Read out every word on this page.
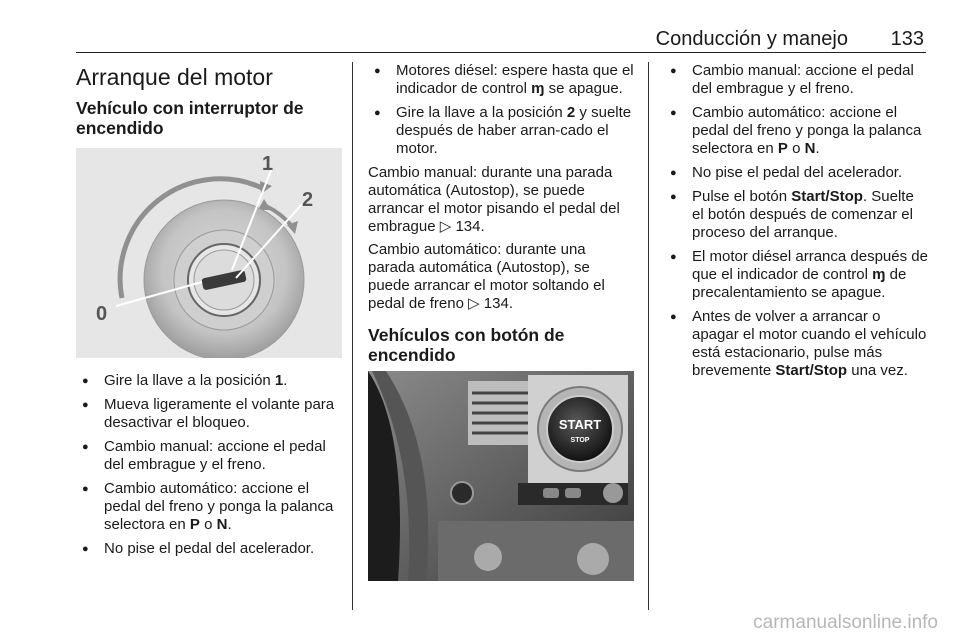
Conducción y manejo 133
Arranque del motor
Vehículo con interruptor de encendido
1
2
0
● Gire la llave a la posición 1.
● Mueva ligeramente el volante para desactivar el bloqueo.
● Cambio manual: accione el pedal del embrague y el freno.
● Cambio automático: accione el pedal del freno y ponga la palanca selectora en P o N.
● No pise el pedal del acelerador.
● Motores diésel: espere hasta que el indicador de control ɱ se apague.
● Gire la llave a la posición 2 y suelte después de haber arran-cado el motor.

Cambio manual: durante una parada automática (Autostop), se puede arrancar el motor pisando el pedal del embrague ▷ 134.

Cambio automático: durante una parada automática (Autostop), se puede arrancar el motor soltando el pedal de freno ▷ 134.

Vehículos con botón de encendido
START
STOP
● Cambio manual: accione el pedal del embrague y el freno.
● Cambio automático: accione el pedal del freno y ponga la palanca selectora en P o N.
● No pise el pedal del acelerador.
● Pulse el botón Start/Stop. Suelte el botón después de comenzar el proceso del arranque.
● El motor diésel arranca después de que el indicador de control ɱ de precalentamiento se apague.
● Antes de volver a arrancar o apagar el motor cuando el vehículo está estacionario, pulse más brevemente Start/Stop una vez.
carmanualsonline.info
